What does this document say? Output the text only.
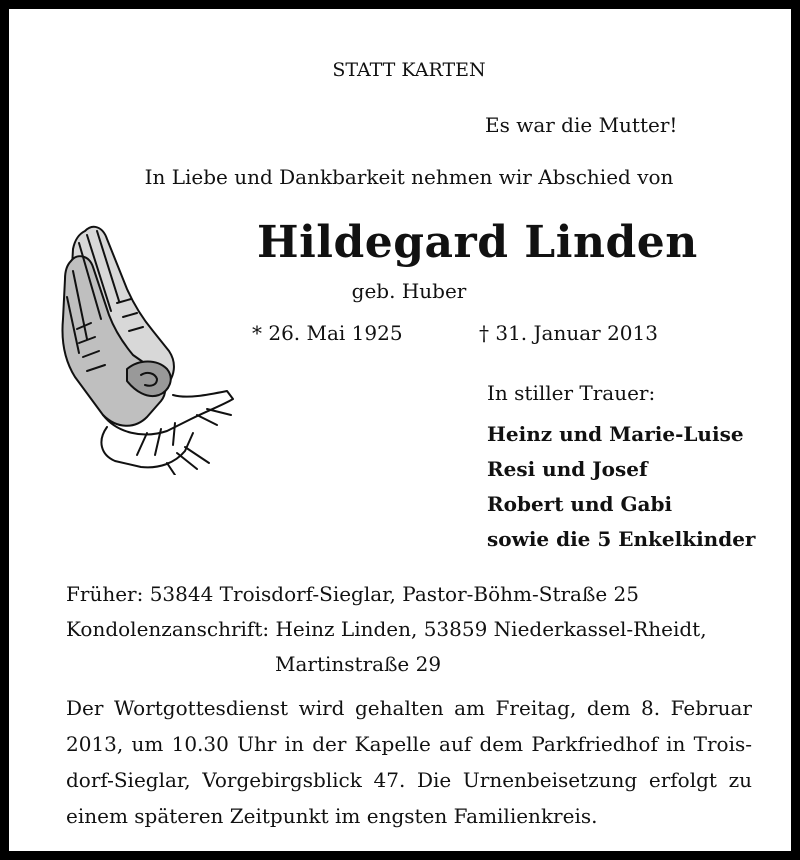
STATT KARTEN
Es war die Mutter!
In Liebe und Dankbarkeit nehmen wir Abschied von
Hildegard Linden
geb. Huber
* 26. Mai 1925	† 31. Januar 2013
In stiller Trauer:
Heinz und Marie-Luise
Resi und Josef
Robert und Gabi
sowie die 5 Enkelkinder
Früher: 53844 Troisdorf-Sieglar, Pastor-Böhm-Straße 25
Kondolenzanschrift: Heinz Linden, 53859 Niederkassel-Rheidt,
Martinstraße 29
Der Wortgottesdienst wird gehalten am Freitag, dem 8. Februar
2013, um 10.30 Uhr in der Kapelle auf dem Parkfriedhof in Trois-
dorf-Sieglar, Vorgebirgsblick 47. Die Urnenbeisetzung erfolgt zu
einem späteren Zeitpunkt im engsten Familienkreis.
